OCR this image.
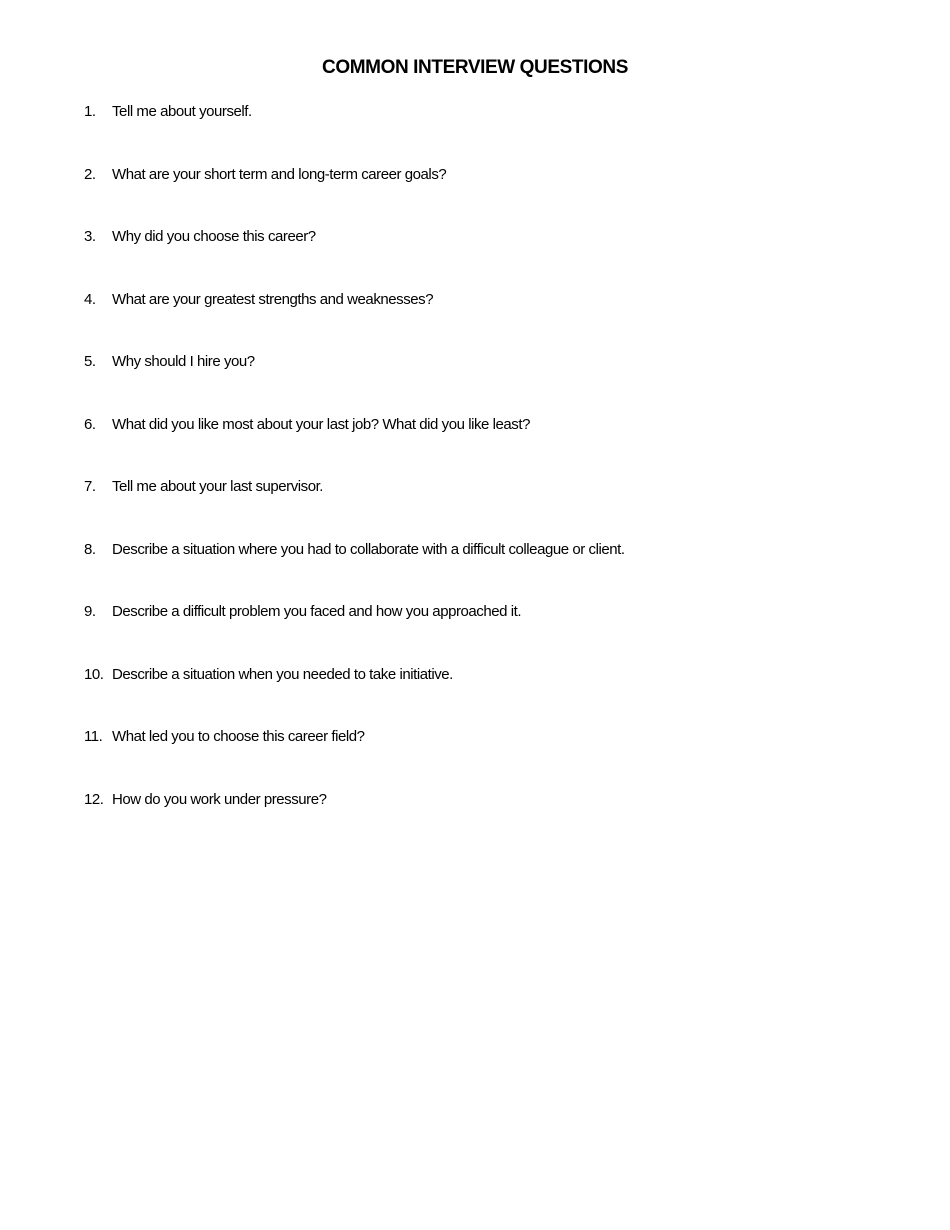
COMMON INTERVIEW QUESTIONS
1. Tell me about yourself.
2. What are your short term and long-term career goals?
3. Why did you choose this career?
4. What are your greatest strengths and weaknesses?
5. Why should I hire you?
6. What did you like most about your last job? What did you like least?
7. Tell me about your last supervisor.
8. Describe a situation where you had to collaborate with a difficult colleague or client.
9. Describe a difficult problem you faced and how you approached it.
10. Describe a situation when you needed to take initiative.
11. What led you to choose this career field?
12. How do you work under pressure?
